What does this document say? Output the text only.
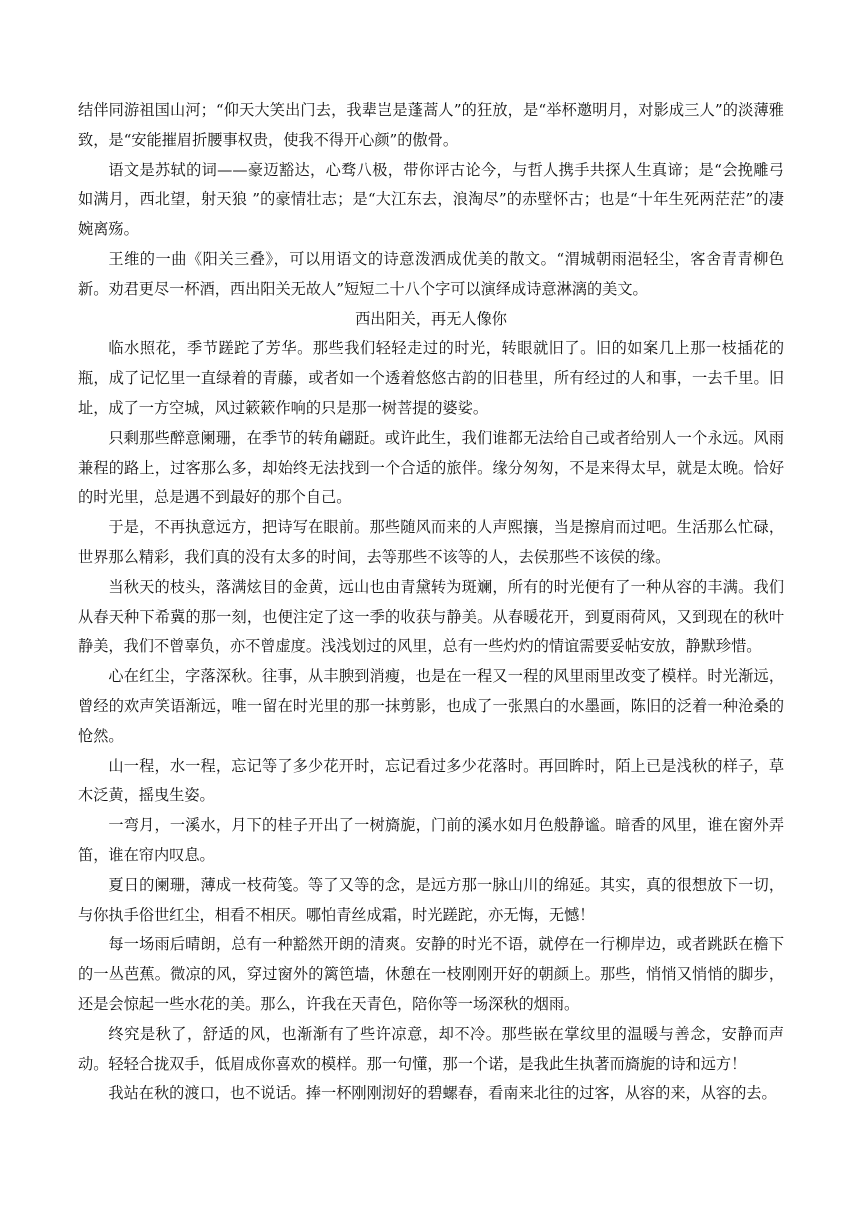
结伴同游祖国山河；“仰天大笑出门去，我辈岂是蓬蒿人”的狂放，是“举杯邀明月，对影成三人”的淡薄雅致，是“安能摧眉折腰事权贵，使我不得开心颜”的傲骨。

语文是苏轼的词——豪迈豁达，心骛八极，带你评古论今，与哲人携手共探人生真谛；是“会挽雕弓如满月，西北望，射天狼 ”的豪情壮志；是“大江东去，浪淘尽”的赤壁怀古；也是“十年生死两茫茫”的凄婉离殇。

王维的一曲《阳关三叠》，可以用语文的诗意泼洒成优美的散文。“渭城朝雨浥轻尘，客舍青青柳色新。劝君更尽一杯酒，西出阳关无故人”短短二十八个字可以演绎成诗意淋漓的美文。

西出阳关，再无人像你

临水照花，季节蹉跎了芳华。那些我们轻轻走过的时光，转眼就旧了。旧的如案几上那一枝插花的瓶，成了记忆里一直绿着的青藤，或者如一个透着悠悠古韵的旧巷里，所有经过的人和事，一去千里。旧址，成了一方空城，风过簌簌作响的只是那一树菩提的婆娑。

只剩那些醉意阑珊，在季节的转角翩跹。或许此生，我们谁都无法给自己或者给别人一个永远。风雨兼程的路上，过客那么多，却始终无法找到一个合适的旅伴。缘分匆匆，不是来得太早，就是太晚。恰好的时光里，总是遇不到最好的那个自己。

于是，不再执意远方，把诗写在眼前。那些随风而来的人声熙攘，当是擦肩而过吧。生活那么忙碌，世界那么精彩，我们真的没有太多的时间，去等那些不该等的人，去侯那些不该侯的缘。

当秋天的枝头，落满炫目的金黄，远山也由青黛转为斑斓，所有的时光便有了一种从容的丰满。我们从春天种下希冀的那一刻，也便注定了这一季的收获与静美。从春暖花开，到夏雨荷风，又到现在的秋叶静美，我们不曾辜负，亦不曾虚度。浅浅划过的风里，总有一些灼灼的情谊需要妥帖安放，静默珍惜。

心在红尘，字落深秋。往事，从丰腴到消瘦，也是在一程又一程的风里雨里改变了模样。时光渐远，曾经的欢声笑语渐远，唯一留在时光里的那一抹剪影，也成了一张黑白的水墨画，陈旧的泛着一种沧桑的怆然。

山一程，水一程，忘记等了多少花开时，忘记看过多少花落时。再回眸时，陌上已是浅秋的样子，草木泛黄，摇曳生姿。

一弯月，一溪水，月下的桂子开出了一树旖旎，门前的溪水如月色般静谧。暗香的风里，谁在窗外弄笛，谁在帘内叹息。

夏日的阑珊，薄成一枝荷笺。等了又等的念，是远方那一脉山川的绵延。其实，真的很想放下一切，与你执手俗世红尘，相看不相厌。哪怕青丝成霜，时光蹉跎，亦无悔，无憾！

每一场雨后晴朗，总有一种豁然开朗的清爽。安静的时光不语，就停在一行柳岸边，或者跳跃在檐下的一丛芭蕉。微凉的风，穿过窗外的篱笆墙，休憩在一枝刚刚开好的朝颜上。那些，悄悄又悄悄的脚步，还是会惊起一些水花的美。那么，许我在天青色，陪你等一场深秋的烟雨。

终究是秋了，舒适的风，也渐渐有了些许凉意，却不冷。那些嵌在掌纹里的温暖与善念，安静而声动。轻轻合拢双手，低眉成你喜欢的模样。那一句懂，那一个诺，是我此生执著而旖旎的诗和远方！

我站在秋的渡口，也不说话。捧一杯刚刚沏好的碧螺春，看南来北往的过客，从容的来，从容的去。
